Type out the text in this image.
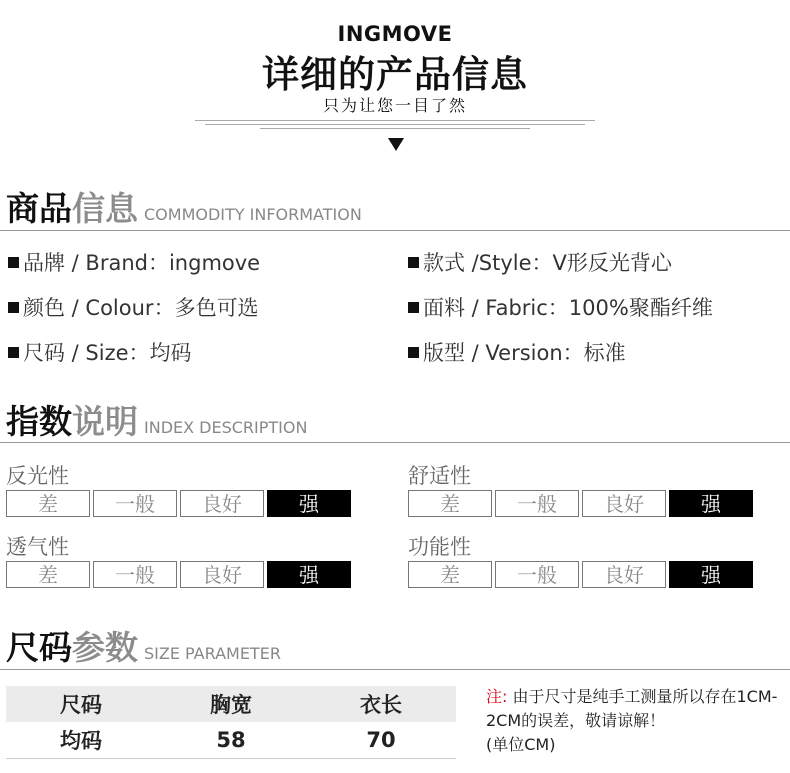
INGMOVE
详细的产品信息
只为让您一目了然
商品信息 COMMODITY INFORMATION
品牌 / Brand：ingmove	款式 /Style：V形反光背心
颜色 / Colour：多色可选	面料 / Fabric：100%聚酯纤维
尺码 / Size：均码	版型 / Version：标准
指数说明 INDEX DESCRIPTION
反光性
差	一般	良好	强
舒适性
差	一般	良好	强
透气性
差	一般	良好	强
功能性
差	一般	良好	强
尺码参数 SIZE PARAMETER
尺码	胸宽	衣长
均码	58	70
注: 由于尺寸是纯手工测量所以存在1CM-2CM的误差，敬请谅解！
(单位CM)
